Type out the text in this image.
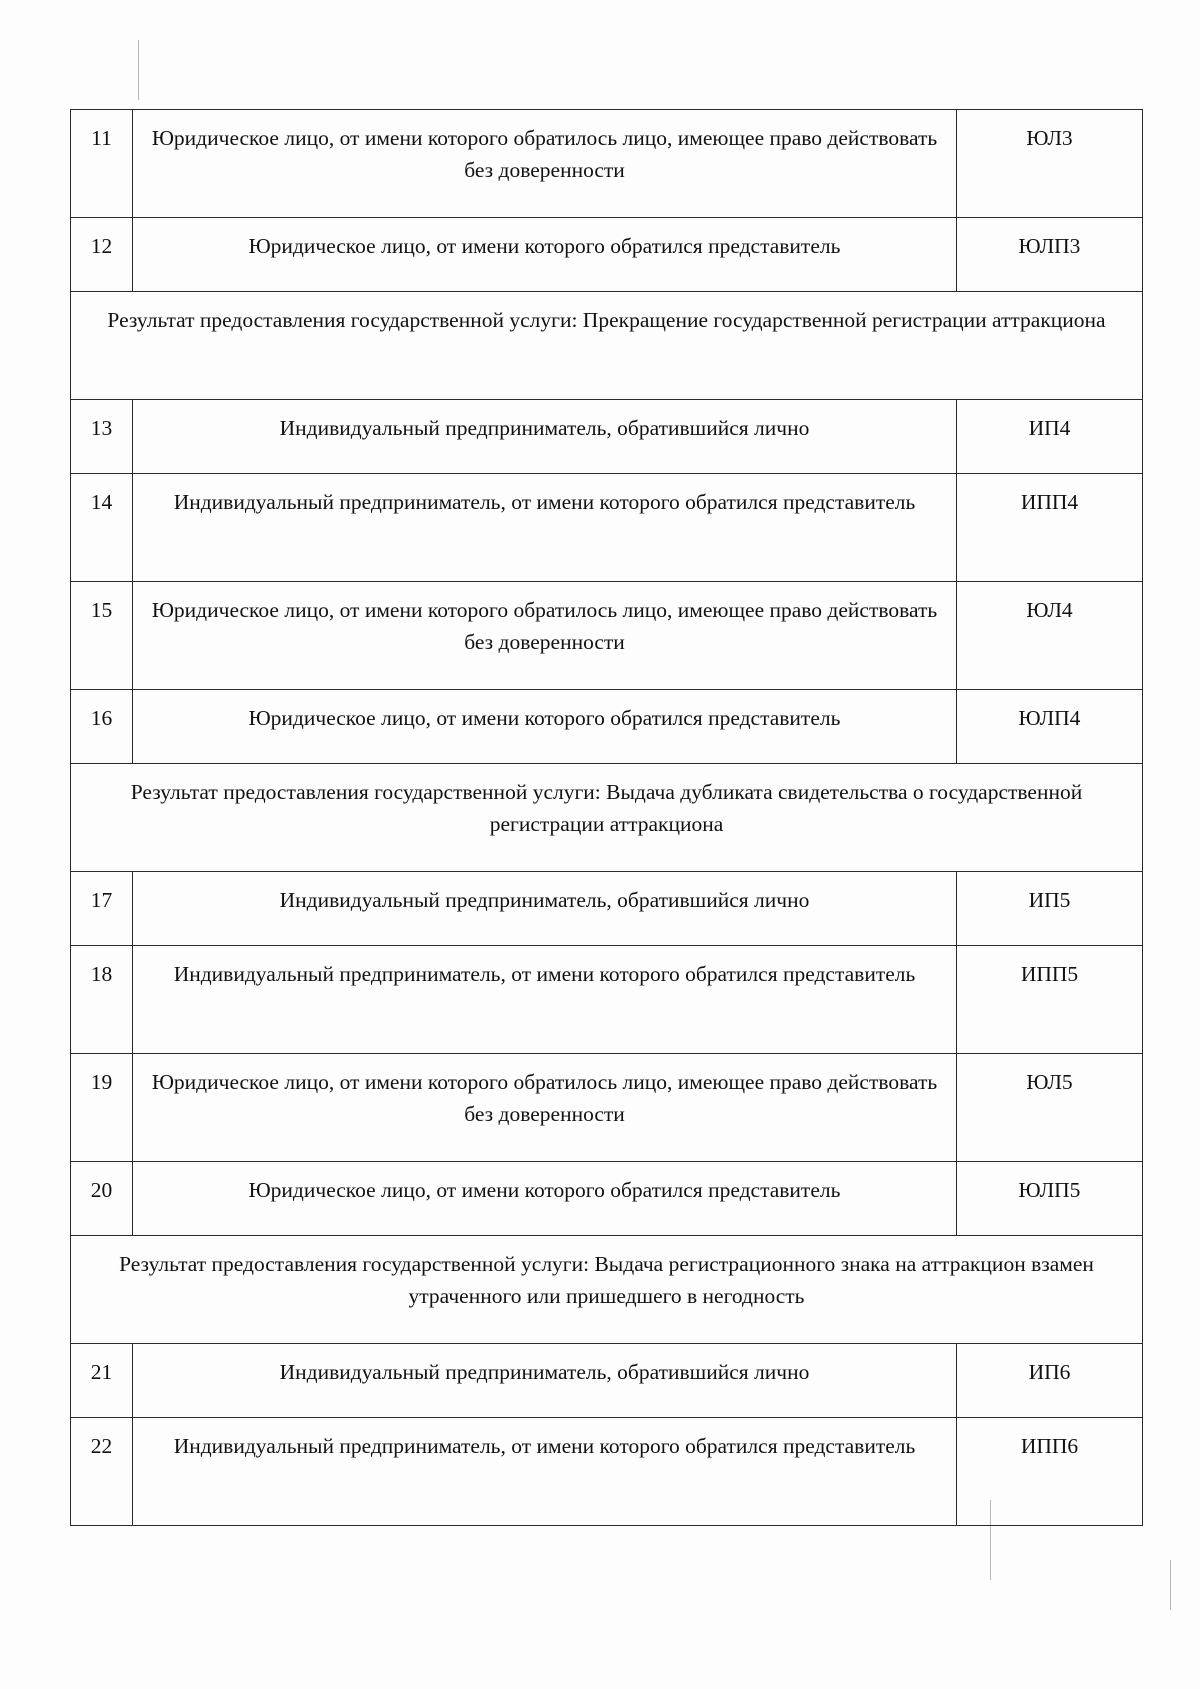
11	Юридическое лицо, от имени которого обратилось лицо, имеющее право действовать без доверенности	ЮЛ3
12	Юридическое лицо, от имени которого обратился представитель	ЮЛП3
Результат предоставления государственной услуги: Прекращение государственной регистрации аттракциона		
13	Индивидуальный предприниматель, обратившийся лично	ИП4
14	Индивидуальный предприниматель, от имени которого обратился представитель	ИПП4
15	Юридическое лицо, от имени которого обратилось лицо, имеющее право действовать без доверенности	ЮЛ4
16	Юридическое лицо, от имени которого обратился представитель	ЮЛП4
Результат предоставления государственной услуги: Выдача дубликата свидетельства о государственной регистрации аттракциона		
17	Индивидуальный предприниматель, обратившийся лично	ИП5
18	Индивидуальный предприниматель, от имени которого обратился представитель	ИПП5
19	Юридическое лицо, от имени которого обратилось лицо, имеющее право действовать без доверенности	ЮЛ5
20	Юридическое лицо, от имени которого обратился представитель	ЮЛП5
Результат предоставления государственной услуги: Выдача регистрационного знака на аттракцион взамен утраченного или пришедшего в негодность		
21	Индивидуальный предприниматель, обратившийся лично	ИП6
22	Индивидуальный предприниматель, от имени которого обратился представитель	ИПП6
